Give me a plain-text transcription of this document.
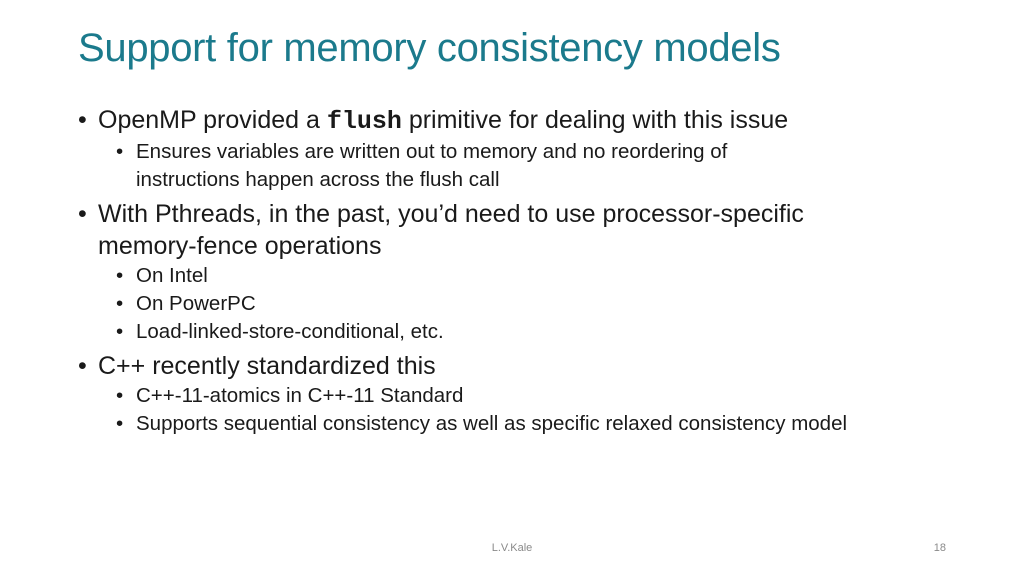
Support for memory consistency models
• OpenMP provided a flush primitive for dealing with this issue
• Ensures variables are written out to memory and no reordering of instructions happen across the flush call
• With Pthreads, in the past, you’d need to use processor-specific memory-fence operations
• On Intel
• On PowerPC
• Load-linked-store-conditional, etc.
• C++ recently standardized this
• C++-11-atomics in C++-11 Standard
• Supports sequential consistency as well as specific relaxed consistency model
L.V.Kale	18
